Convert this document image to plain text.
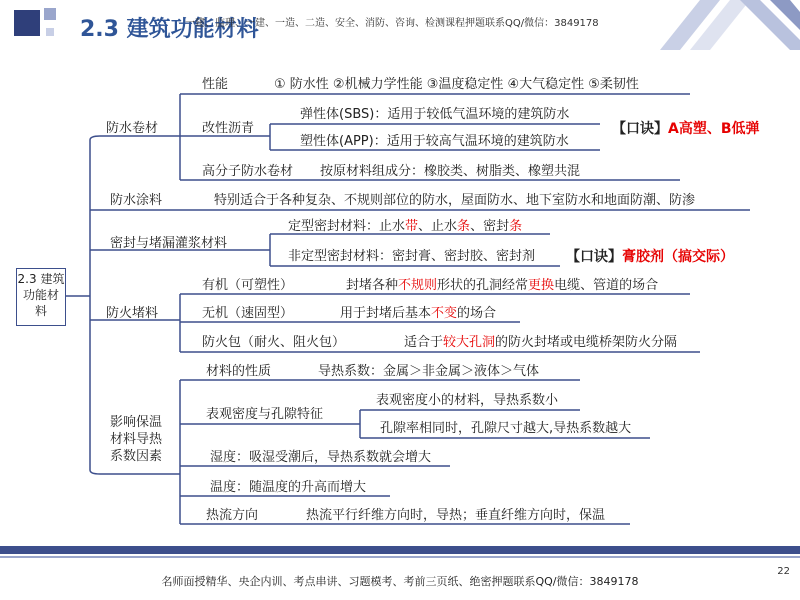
2.3 建筑功能材料
一建、监理、一建、一造、二造、安全、消防、咨询、检测课程押题联系QQ/微信：3849178
2.3 建筑
功能材
料
防水卷材
防水涂料
密封与堵漏灌浆材料
防火堵料
影响保温
材料导热
系数因素
性能	① 防水性 ②机械力学性能 ③温度稳定性 ④大气稳定性 ⑤柔韧性
改性沥青
弹性体(SBS)：适用于较低气温环境的建筑防水
塑性体(APP)：适用于较高气温环境的建筑防水
高分子防水卷材 按原材料组成分：橡胶类、树脂类、橡塑共混
【口诀】A高塑、B低弹
特别适合于各种复杂、不规则部位的防水，屋面防水、地下室防水和地面防潮、防渗
定型密封材料：止水带、止水条、密封条
非定型密封材料：密封膏、密封胶、密封剂 【口诀】膏胶剂（搞交际）
有机（可塑性）	封堵各种不规则形状的孔洞经常更换电缆、管道的场合
无机（速固型）	用于封堵后基本不变的场合
防火包（耐火、阻火包）	适合于较大孔洞的防火封堵或电缆桥架防火分隔
材料的性质	导热系数：金属＞非金属＞液体＞气体
表观密度与孔隙特征
表观密度小的材料，导热系数小
孔隙率相同时，孔隙尺寸越大,导热系数越大
湿度：吸湿受潮后，导热系数就会增大
温度：随温度的升高而增大
热流方向	热流平行纤维方向时，导热；垂直纤维方向时，保温
22
名师面授精华、央企内训、考点串讲、习题模考、考前三页纸、绝密押题联系QQ/微信：3849178
